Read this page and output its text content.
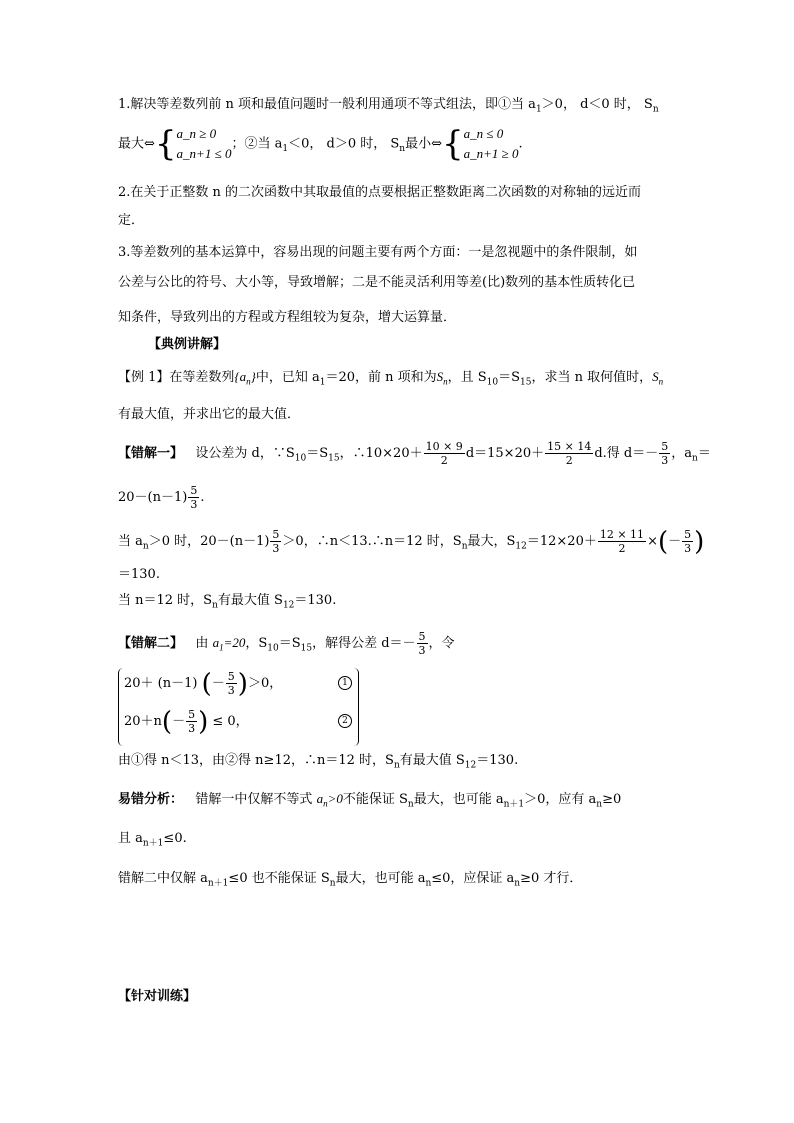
1.解决等差数列前 n 项和最值问题时一般利用通项不等式组法，即①当 $a_1>0$， d＜0 时， $S_n$
最大⇔{ a_n ≥ 0
a_n+1 ≤ 0
；②当 $a_1<0$， d＞0 时， $S_n$最小⇔{ a_n ≤ 0
a_n+1 ≥ 0
.
2.在关于正整数 n 的二次函数中其取最值的点要根据正整数距离二次函数的对称轴的远近而
定．
3.等差数列的基本运算中，容易出现的问题主要有两个方面：一是忽视题中的条件限制，如
公差与公比的符号、大小等，导致增解；二是不能灵活利用等差(比)数列的基本性质转化已
知条件，导致列出的方程或方程组较为复杂，增大运算量．
【典例讲解】
【例 1】在等差数列$\{a_n\}$中，已知 $a_1=20$，前 n 项和为$S_n$，且 $S_{10}=S_{15}$，求当 n 取何值时，$S_n$
有最大值，并求出它的最大值．
【错解一】 设公差为 d，$\because S_{10}=S_{15}$，∴10×20＋ $\frac{10 \times 9}{2} d=15\times 20+ \frac{15 \times 14}{2} d$.得 $d=- \frac{5}{3}$ ，$a_n=$
$20-(n-1) \frac{5}{3}$ .
当 $a_n>0$ 时，$20-(n-1) \frac{5}{3} >0$，∴n＜13.∴n＝12 时，$S_n$最大，$S_{12}=12\times 20+ \frac{12 \times 11}{2}$ ×(－ $\frac{5}{3}$ )
＝130.
当 n＝12 时，$S_n$有最大值 $S_{12}=130$.
【错解二】 由 $a_1=20$，$S_{10}=S_{15}$，解得公差 $d=- \frac{5}{3}$ ，令
20＋ (n－1) (－ $\frac{5}{3} )>0$，	1
$20+n(- \frac{5}{3}$ ) ≤ 0，	2
由①得 n＜13，由②得 n≥12，∴n＝12 时，$S_n$有最大值 $S_{12}=130$.
易错分析： 错解一中仅解不等式 $a_n>0$不能保证 $S_n$最大，也可能 $a_{n+1}>0$，应有 $a_n\ge 0$
且 $a_{n+1}\le 0$.
错解二中仅解 $a_{n+1}\le 0$ 也不能保证 $S_n$最大，也可能 $a_n\le 0$，应保证 $a_n\ge 0$ 才行．
【针对训练】
